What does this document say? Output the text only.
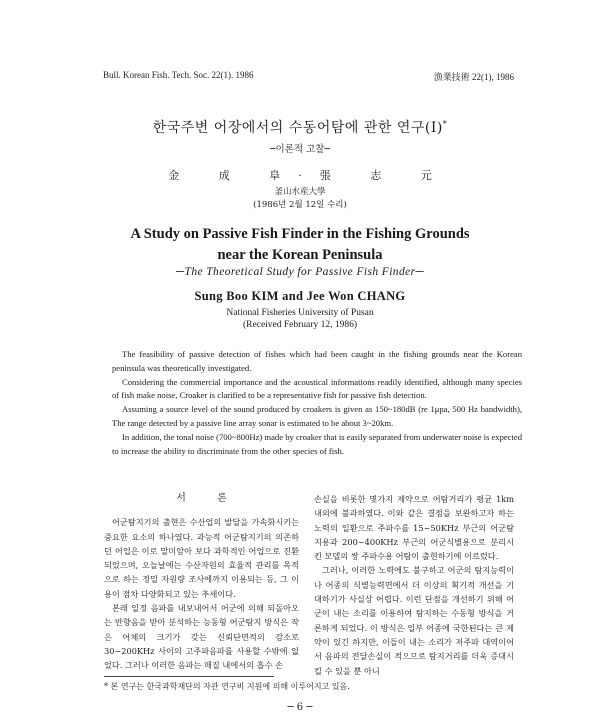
Bull. Korean Fish. Tech. Soc. 22(1). 1986	漁業技術 22(1), 1986
한국주변 어장에서의 수동어탐에 관한 연구(Ⅰ)*
─이론적 고찰─
金 成 阜·張 志 元
釜山水産大學
(1986년 2월 12일 수리)
A Study on Passive Fish Finder in the Fishing Grounds
near the Korean Peninsula
─The Theoretical Study for Passive Fish Finder─
Sung Boo KIM and Jee Won CHANG
National Fisheries University of Pusan
(Received February 12, 1986)

The feasibility of passive detection of fishes which had been caught in the fishing grounds near the Korean peninsula was theoretically investigated.

Considering the commercial importance and the acoustical informations readily identified, although many species of fish make noise, Croaker is clarified to be a representative fish for passive fish detection.

Assuming a source level of the sound produced by croakers is given as 150~180dB (re 1μpa, 500 Hz bandwidth), The range detected by a passive line array sonar is estimated to be about 3~20km.

In addition, the tonal noise (700~800Hz) made by croaker that is easily separated from underwater noise is expected to increase the ability to discriminate from the other species of fish.

서 론

어군탐지기의 출현은 수산업의 발달을 가속화시키는 중요한 요소의 하나였다. 과능적 어군탐지기의 의존하던 어업은 이로 말미암아 보다 과학적인 어업으로 진환되었으며, 오늘날에는 수산자원의 효율적 관리를 목적으로 하는 정밀 자원량 조사에까지 이용되는 등, 그 이용이 점차 다양화되고 있는 추세이다.

본래 일정 음파를 내보내어서 어군에 의해 되돌아오는 반향음을 받아 분석하는 능동형 어군탐지 방식은 작은 어체의 크기가 갖는 신뢰단면적의 감소로 30~200KHz 사이의 고주파음파를 사용할 수밖에 없었다. 그러나 이러한 음파는 매질 내에서의 흡수 손

손실을 비롯한 몇가지 제약으로 어탐거리가 평균 1km 내외에 불과하였다. 이와 같은 결점을 보완하고자 하는 노력의 일환으로 주파수를 15~50KHz 부근의 어군탐지용과 200~400KHz 부근의 어군식별용으로 분리시킨 모델의 쌍 주파수용 어탐이 출현하기에 이르렀다.

그러나, 이러한 노력에도 불구하고 어군의 탐지능력이나 어종의 식별능력면에서 더 이상의 획기적 개선을 기대하기가 사실상 어렵다. 이런 단점을 개선하기 위해 어군이 내는 소리를 이용하여 탐지하는 수동형 방식을 거론하게 되었다. 이 방식은 일부 어종에 국한된다는 큰 제약이 있긴 하지만, 이들이 내는 소리가 저주파 대역이어서 음파의 전달손실이 적으므로 탐지거리를 더욱 증대시킬 수 있을 뿐 아니

* 본 연구는 한국과학재단의 자관 연구비 지원에 의해 이루어지고 있음.
─ 6 ─
